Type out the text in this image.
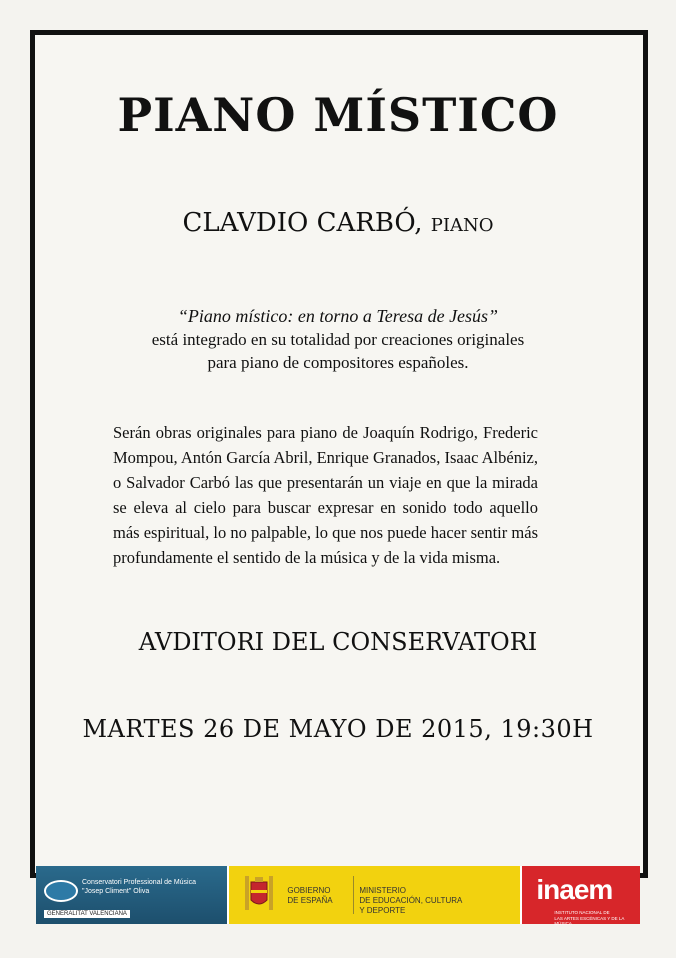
PIANO MÍSTICO
CLAVDIO CARBÓ, PIANO
“Piano místico: en torno a Teresa de Jesús”
está integrado en su totalidad por creaciones originales
para piano de compositores españoles.
Serán obras originales para piano de Joaquín Rodrigo, Frederic Mompou, Antón García Abril, Enrique Granados, Isaac Albéniz, o Salvador Carbó las que presentarán un viaje en que la mirada se eleva al cielo para buscar expresar en sonido todo aquello más espiritual, lo no palpable, lo que nos puede hacer sentir más profundamente el sentido de la música y de la vida misma.
AVDITORI DEL CONSERVATORI
MARTES 26 DE MAYO DE 2015, 19:30H
Conservatori Professional de Música
"Josep Climent" Oliva
GENERALITAT VALENCIANA
GOBIERNO
DE ESPAÑA
MINISTERIO
DE EDUCACIÓN, CULTURA
Y DEPORTE
inaem
INSTITUTO NACIONAL DE
LAS ARTES ESCÉNICAS Y DE LA MÚSICA
